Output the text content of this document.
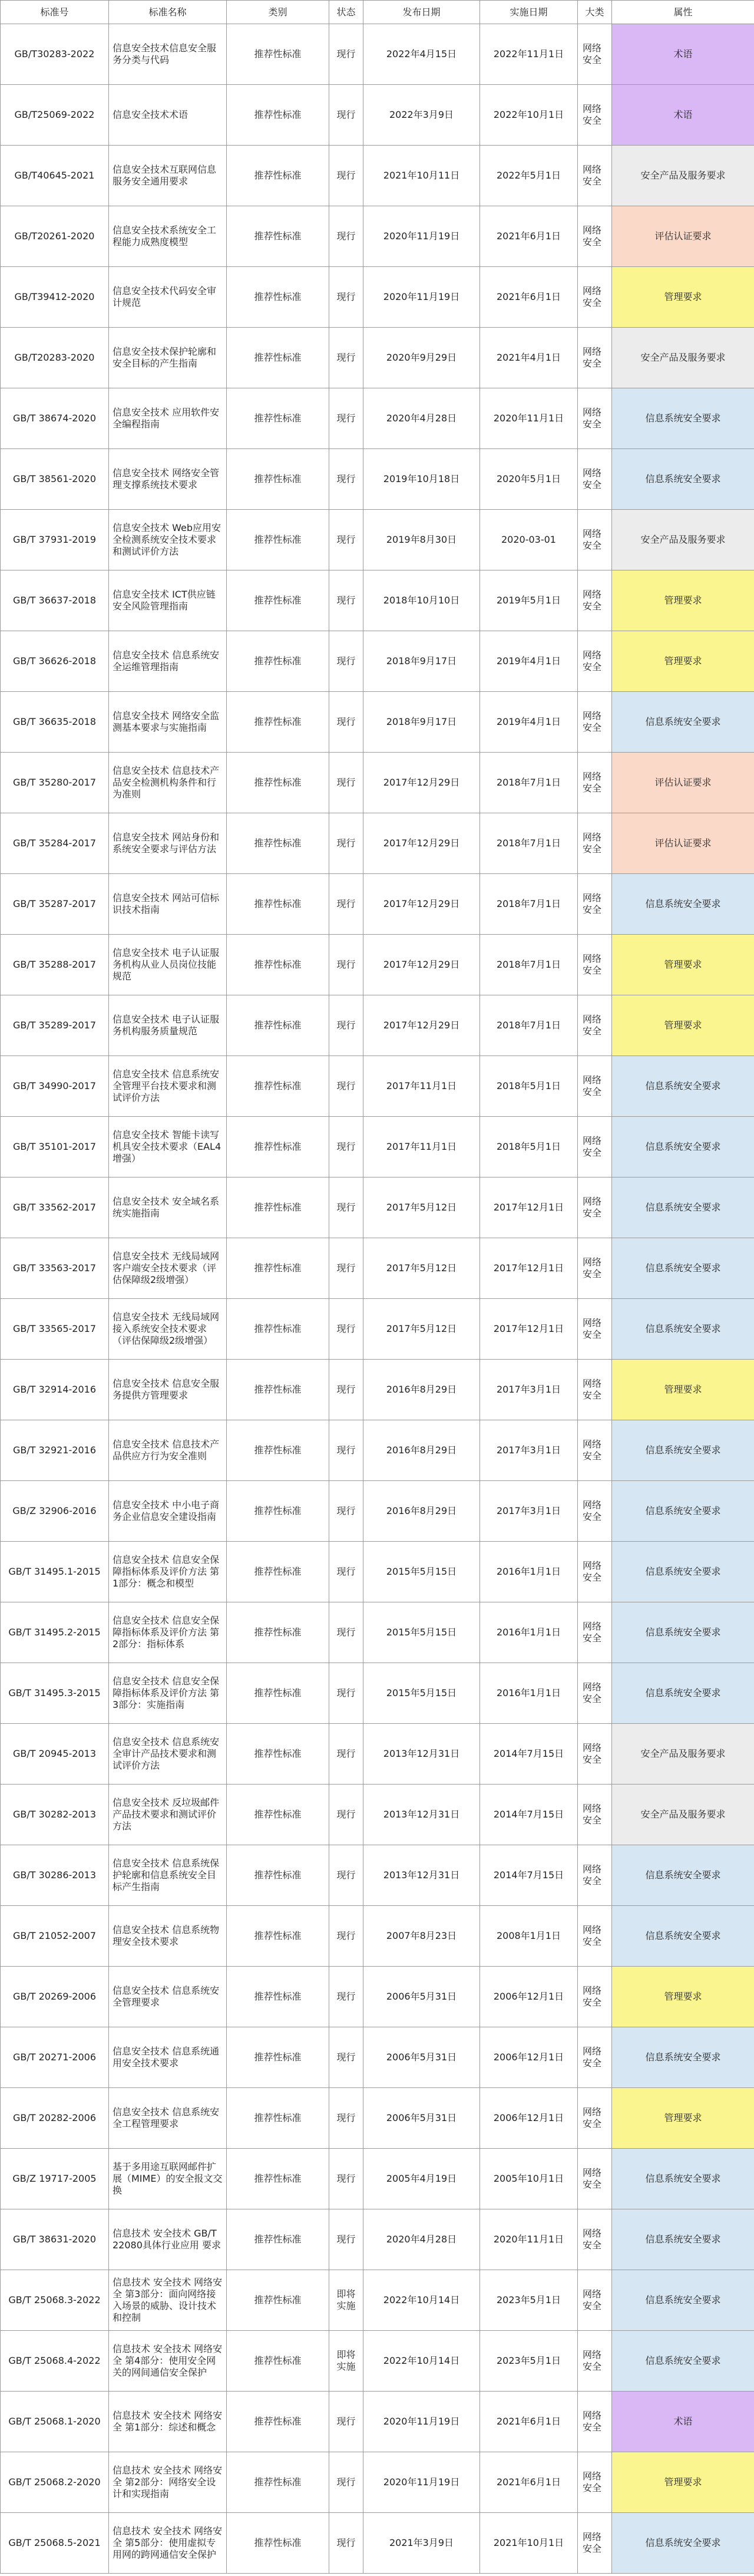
标准号	标准名称	类别	状态	发布日期	实施日期	大类	属性
GB/T30283-2022	信息安全技术信息安全服务分类与代码	推荐性标准	现行	2022年4月15日	2022年11月1日	网络安全	术语
GB/T25069-2022	信息安全技术术语	推荐性标准	现行	2022年3月9日	2022年10月1日	网络安全	术语
GB/T40645-2021	信息安全技术互联网信息服务安全通用要求	推荐性标准	现行	2021年10月11日	2022年5月1日	网络安全	安全产品及服务要求
GB/T20261-2020	信息安全技术系统安全工程能力成熟度模型	推荐性标准	现行	2020年11月19日	2021年6月1日	网络安全	评估认证要求
GB/T39412-2020	信息安全技术代码安全审计规范	推荐性标准	现行	2020年11月19日	2021年6月1日	网络安全	管理要求
GB/T20283-2020	信息安全技术保护轮廓和安全目标的产生指南	推荐性标准	现行	2020年9月29日	2021年4月1日	网络安全	安全产品及服务要求
GB/T 38674-2020	信息安全技术 应用软件安全编程指南	推荐性标准	现行	2020年4月28日	2020年11月1日	网络安全	信息系统安全要求
GB/T 38561-2020	信息安全技术 网络安全管理支撑系统技术要求	推荐性标准	现行	2019年10月18日	2020年5月1日	网络安全	信息系统安全要求
GB/T 37931-2019	信息安全技术 Web应用安全检测系统安全技术要求和测试评价方法	推荐性标准	现行	2019年8月30日	2020-03-01	网络安全	安全产品及服务要求
GB/T 36637-2018	信息安全技术 ICT供应链安全风险管理指南	推荐性标准	现行	2018年10月10日	2019年5月1日	网络安全	管理要求
GB/T 36626-2018	信息安全技术 信息系统安全运维管理指南	推荐性标准	现行	2018年9月17日	2019年4月1日	网络安全	管理要求
GB/T 36635-2018	信息安全技术 网络安全监测基本要求与实施指南	推荐性标准	现行	2018年9月17日	2019年4月1日	网络安全	信息系统安全要求
GB/T 35280-2017	信息安全技术 信息技术产品安全检测机构条件和行为准则	推荐性标准	现行	2017年12月29日	2018年7月1日	网络安全	评估认证要求
GB/T 35284-2017	信息安全技术 网站身份和系统安全要求与评估方法	推荐性标准	现行	2017年12月29日	2018年7月1日	网络安全	评估认证要求
GB/T 35287-2017	信息安全技术 网站可信标识技术指南	推荐性标准	现行	2017年12月29日	2018年7月1日	网络安全	信息系统安全要求
GB/T 35288-2017	信息安全技术 电子认证服务机构从业人员岗位技能规范	推荐性标准	现行	2017年12月29日	2018年7月1日	网络安全	管理要求
GB/T 35289-2017	信息安全技术 电子认证服务机构服务质量规范	推荐性标准	现行	2017年12月29日	2018年7月1日	网络安全	管理要求
GB/T 34990-2017	信息安全技术 信息系统安全管理平台技术要求和测试评价方法	推荐性标准	现行	2017年11月1日	2018年5月1日	网络安全	信息系统安全要求
GB/T 35101-2017	信息安全技术 智能卡读写机具安全技术要求（EAL4增强）	推荐性标准	现行	2017年11月1日	2018年5月1日	网络安全	信息系统安全要求
GB/T 33562-2017	信息安全技术 安全域名系统实施指南	推荐性标准	现行	2017年5月12日	2017年12月1日	网络安全	信息系统安全要求
GB/T 33563-2017	信息安全技术 无线局域网客户端安全技术要求（评估保障级2级增强）	推荐性标准	现行	2017年5月12日	2017年12月1日	网络安全	信息系统安全要求
GB/T 33565-2017	信息安全技术 无线局域网接入系统安全技术要求（评估保障级2级增强）	推荐性标准	现行	2017年5月12日	2017年12月1日	网络安全	信息系统安全要求
GB/T 32914-2016	信息安全技术 信息安全服务提供方管理要求	推荐性标准	现行	2016年8月29日	2017年3月1日	网络安全	管理要求
GB/T 32921-2016	信息安全技术 信息技术产品供应方行为安全准则	推荐性标准	现行	2016年8月29日	2017年3月1日	网络安全	信息系统安全要求
GB/Z 32906-2016	信息安全技术 中小电子商务企业信息安全建设指南	推荐性标准	现行	2016年8月29日	2017年3月1日	网络安全	信息系统安全要求
GB/T 31495.1-2015	信息安全技术 信息安全保障指标体系及评价方法 第1部分：概念和模型	推荐性标准	现行	2015年5月15日	2016年1月1日	网络安全	信息系统安全要求
GB/T 31495.2-2015	信息安全技术 信息安全保障指标体系及评价方法 第2部分：指标体系	推荐性标准	现行	2015年5月15日	2016年1月1日	网络安全	信息系统安全要求
GB/T 31495.3-2015	信息安全技术 信息安全保障指标体系及评价方法 第3部分：实施指南	推荐性标准	现行	2015年5月15日	2016年1月1日	网络安全	信息系统安全要求
GB/T 20945-2013	信息安全技术 信息系统安全审计产品技术要求和测试评价方法	推荐性标准	现行	2013年12月31日	2014年7月15日	网络安全	安全产品及服务要求
GB/T 30282-2013	信息安全技术 反垃圾邮件产品技术要求和测试评价方法	推荐性标准	现行	2013年12月31日	2014年7月15日	网络安全	安全产品及服务要求
GB/T 30286-2013	信息安全技术 信息系统保护轮廓和信息系统安全目标产生指南	推荐性标准	现行	2013年12月31日	2014年7月15日	网络安全	信息系统安全要求
GB/T 21052-2007	信息安全技术 信息系统物理安全技术要求	推荐性标准	现行	2007年8月23日	2008年1月1日	网络安全	信息系统安全要求
GB/T 20269-2006	信息安全技术 信息系统安全管理要求	推荐性标准	现行	2006年5月31日	2006年12月1日	网络安全	管理要求
GB/T 20271-2006	信息安全技术 信息系统通用安全技术要求	推荐性标准	现行	2006年5月31日	2006年12月1日	网络安全	信息系统安全要求
GB/T 20282-2006	信息安全技术 信息系统安全工程管理要求	推荐性标准	现行	2006年5月31日	2006年12月1日	网络安全	管理要求
GB/Z 19717-2005	基于多用途互联网邮件扩展（MIME）的安全报文交换	推荐性标准	现行	2005年4月19日	2005年10月1日	网络安全	信息系统安全要求
GB/T 38631-2020	信息技术 安全技术 GB/T 22080具体行业应用 要求	推荐性标准	现行	2020年4月28日	2020年11月1日	网络安全	信息系统安全要求
GB/T 25068.3-2022	信息技术 安全技术 网络安全 第3部分：面向网络接入场景的威胁、设计技术和控制	推荐性标准	即将实施	2022年10月14日	2023年5月1日	网络安全	信息系统安全要求
GB/T 25068.4-2022	信息技术 安全技术 网络安全 第4部分：使用安全网关的网间通信安全保护	推荐性标准	即将实施	2022年10月14日	2023年5月1日	网络安全	信息系统安全要求
GB/T 25068.1-2020	信息技术 安全技术 网络安全 第1部分：综述和概念	推荐性标准	现行	2020年11月19日	2021年6月1日	网络安全	术语
GB/T 25068.2-2020	信息技术 安全技术 网络安全 第2部分：网络安全设计和实现指南	推荐性标准	现行	2020年11月19日	2021年6月1日	网络安全	管理要求
GB/T 25068.5-2021	信息技术 安全技术 网络安全 第5部分：使用虚拟专用网的跨网通信安全保护	推荐性标准	现行	2021年3月9日	2021年10月1日	网络安全	信息系统安全要求
